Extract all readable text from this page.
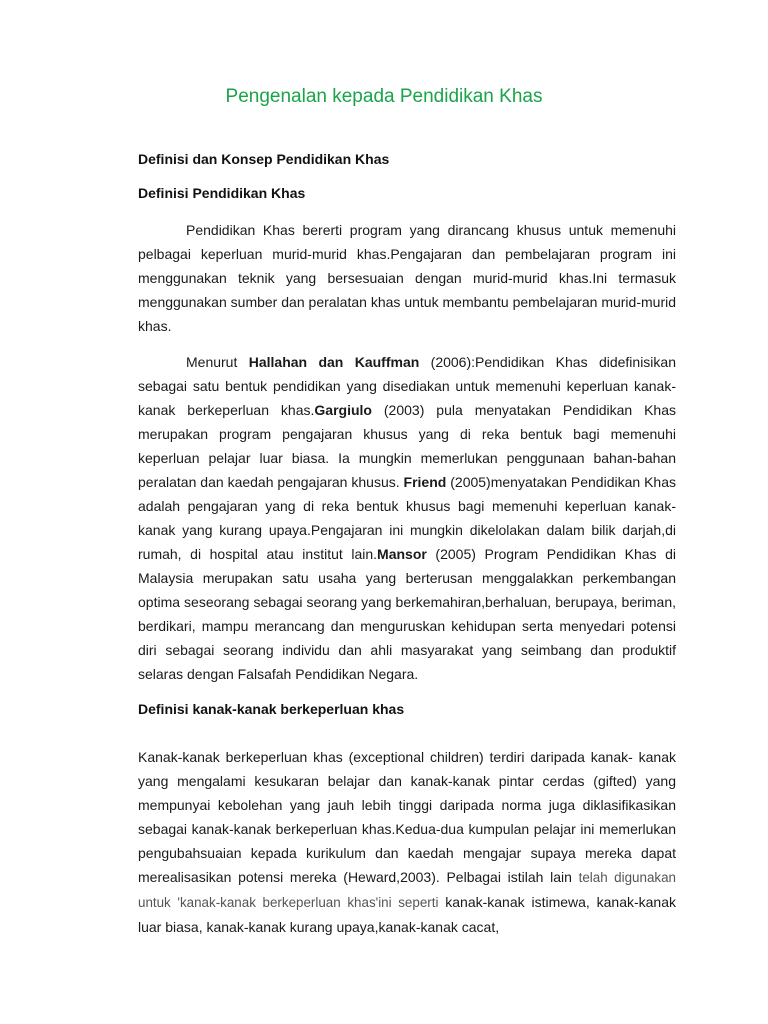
Pengenalan kepada Pendidikan Khas
Definisi dan Konsep Pendidikan Khas
Definisi Pendidikan Khas

Pendidikan Khas bererti program yang dirancang khusus untuk memenuhi pelbagai keperluan murid-murid khas.Pengajaran dan pembelajaran program ini menggunakan teknik yang bersesuaian dengan murid-murid khas.Ini termasuk menggunakan sumber dan peralatan khas untuk membantu pembelajaran murid-murid khas.

Menurut Hallahan dan Kauffman (2006):Pendidikan Khas didefinisikan sebagai satu bentuk pendidikan yang disediakan untuk memenuhi keperluan kanak-kanak berkeperluan khas.Gargiulo (2003) pula menyatakan Pendidikan Khas merupakan program pengajaran khusus yang di reka bentuk bagi memenuhi keperluan pelajar luar biasa. Ia mungkin memerlukan penggunaan bahan-bahan peralatan dan kaedah pengajaran khusus. Friend (2005)menyatakan Pendidikan Khas adalah pengajaran yang di reka bentuk khusus bagi memenuhi keperluan kanak-kanak yang kurang upaya.Pengajaran ini mungkin dikelolakan dalam bilik darjah,di rumah, di hospital atau institut lain.Mansor (2005) Program Pendidikan Khas di Malaysia merupakan satu usaha yang berterusan menggalakkan perkembangan optima seseorang sebagai seorang yang berkemahiran,berhaluan, berupaya, beriman, berdikari, mampu merancang dan menguruskan kehidupan serta menyedari potensi diri sebagai seorang individu dan ahli masyarakat yang seimbang dan produktif selaras dengan Falsafah Pendidikan Negara.

Definisi kanak-kanak berkeperluan khas

Kanak-kanak berkeperluan khas (exceptional children) terdiri daripada kanak- kanak yang mengalami kesukaran belajar dan kanak-kanak pintar cerdas (gifted) yang mempunyai kebolehan yang jauh lebih tinggi daripada norma juga diklasifikasikan sebagai kanak-kanak berkeperluan khas.Kedua-dua kumpulan pelajar ini memerlukan pengubahsuaian kepada kurikulum dan kaedah mengajar supaya mereka dapat merealisasikan potensi mereka (Heward,2003). Pelbagai istilah lain telah digunakan untuk 'kanak-kanak berkeperluan khas'ini seperti kanak-kanak istimewa, kanak-kanak luar biasa, kanak-kanak kurang upaya,kanak-kanak cacat,
